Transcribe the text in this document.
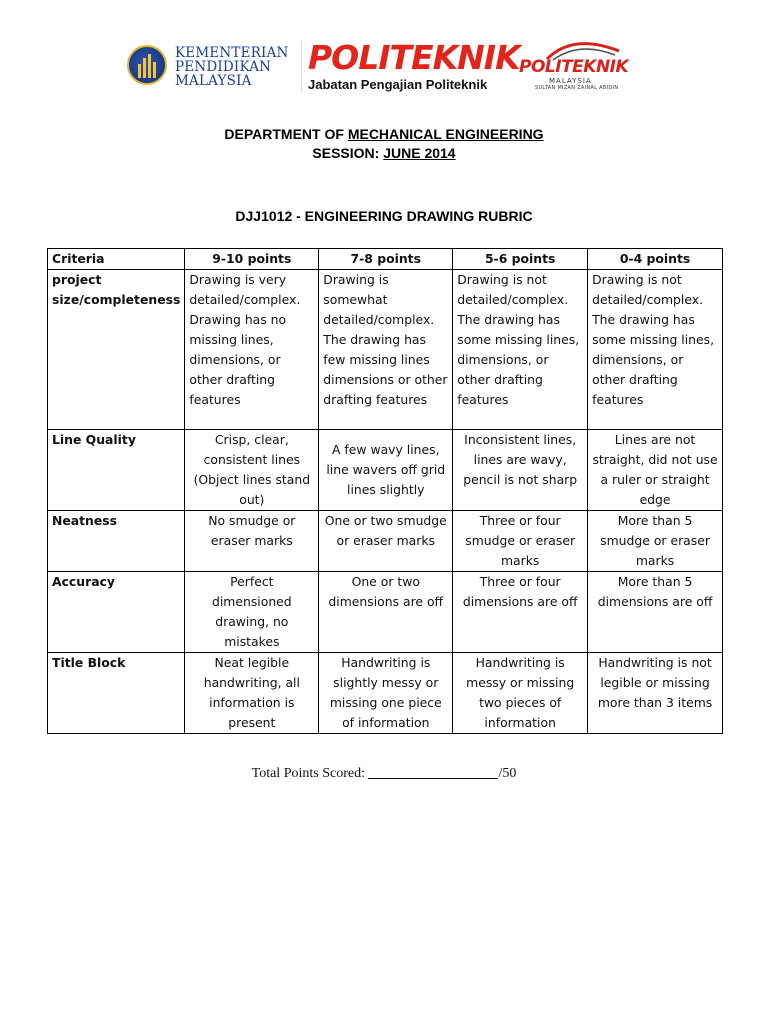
KEMENTERIAN
PENDIDIKAN
MALAYSIA
POLITEKNIK
Jabatan Pengajian Politeknik
POLITEKNIK
MALAYSIA
SULTAN MIZAN ZAINAL ABIDIN
DEPARTMENT OF MECHANICAL ENGINEERING
SESSION: JUNE 2014
DJJ1012 - ENGINEERING DRAWING RUBRIC
Criteria	9-10 points	7-8 points	5-6 points	0-4 points
project size/completeness	Drawing is very detailed/complex. Drawing has no missing lines, dimensions, or other drafting features	Drawing is somewhat detailed/complex. The drawing has few missing lines dimensions or other drafting features	Drawing is not detailed/complex. The drawing has some missing lines, dimensions, or other drafting features	Drawing is not detailed/complex. The drawing has some missing lines, dimensions, or other drafting features
Line Quality	Crisp, clear, consistent lines (Object lines stand out)	A few wavy lines, line wavers off grid lines slightly	Inconsistent lines, lines are wavy, pencil is not sharp	Lines are not straight, did not use a ruler or straight edge
Neatness	No smudge or eraser marks	One or two smudge or eraser marks	Three or four smudge or eraser marks	More than 5 smudge or eraser marks
Accuracy	Perfect dimensioned drawing, no mistakes	One or two dimensions are off	Three or four dimensions are off	More than 5 dimensions are off
Title Block	Neat legible handwriting, all information is present	Handwriting is slightly messy or missing one piece of information	Handwriting is messy or missing two pieces of information	Handwriting is not legible or missing more than 3 items
Total Points Scored:	/50
